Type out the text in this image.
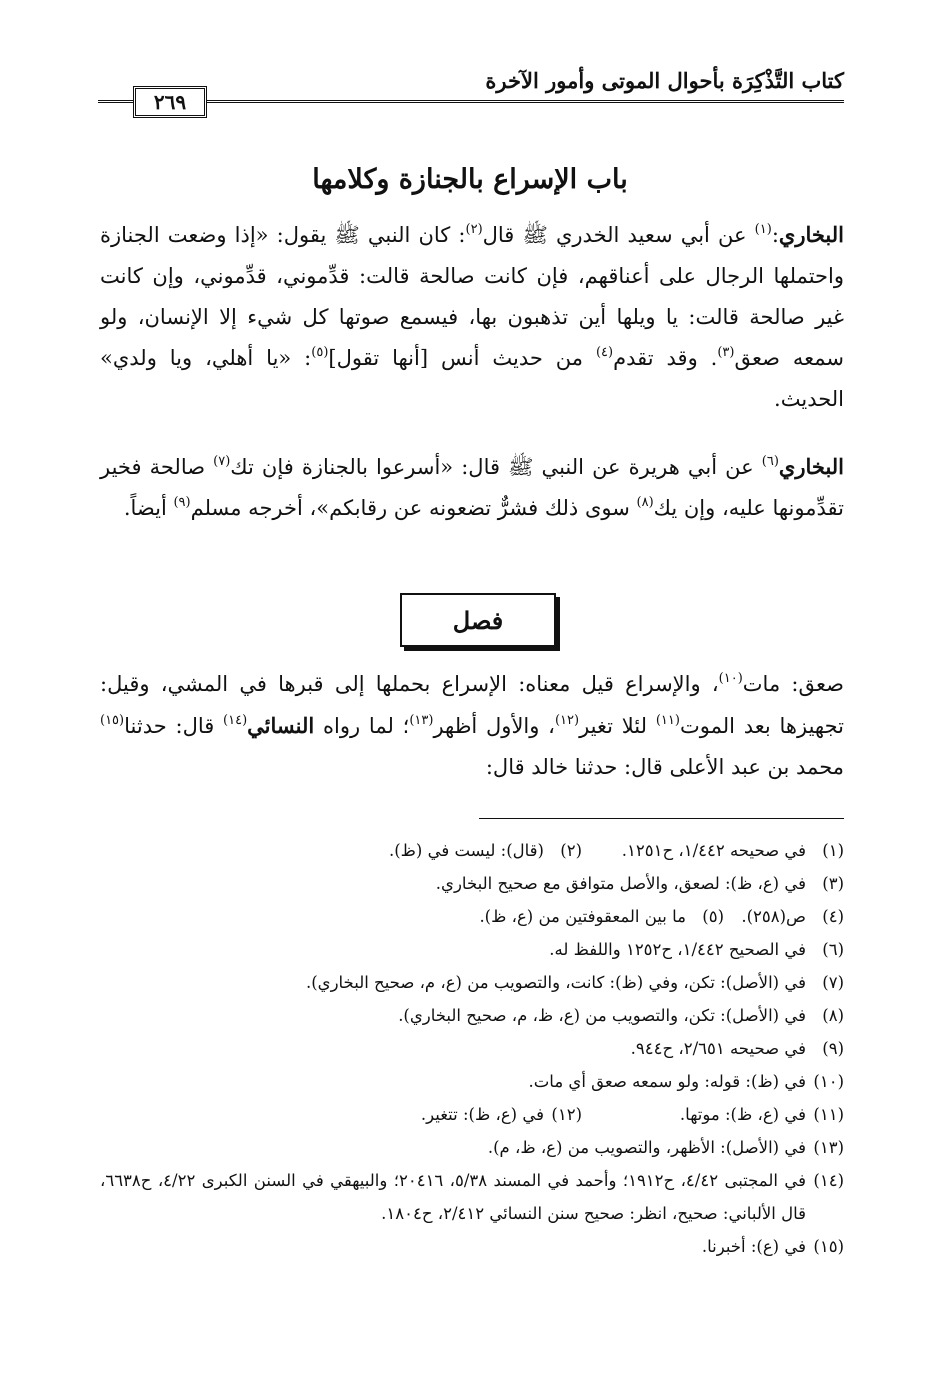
كتاب التَّذْكِرَة بأحوال الموتى وأمور الآخرة
٢٦٩
باب الإسراع بالجنازة وكلامها
البخاري:$^{(١)}$ عن أبي سعيد الخدري ﷺ قال$^{(٢)}$: كان النبي ﷺ يقول: «إذا وضعت الجنازة واحتملها الرجال على أعناقهم، فإن كانت صالحة قالت: قدِّموني، قدِّموني، وإن كانت غير صالحة قالت: يا ويلها أين تذهبون بها، فيسمع صوتها كل شيء إلا الإنسان، ولو سمعه صعق$^{(٣)}$. وقد تقدم$^{(٤)}$ من حديث أنس [أنها تقول]$^{(٥)}$: «يا أهلي، ويا ولدي» الحديث.
البخاري$^{(٦)}$ عن أبي هريرة عن النبي ﷺ قال: «أسرعوا بالجنازة فإن تك$^{(٧)}$ صالحة فخير تقدِّمونها عليه، وإن يك$^{(٨)}$ سوى ذلك فشرٌّ تضعونه عن رقابكم»، أخرجه مسلم$^{(٩)}$ أيضاً.
فصل
صعق: مات$^{(١٠)}$، والإسراع قيل معناه: الإسراع بحملها إلى قبرها في المشي، وقيل: تجهيزها بعد الموت$^{(١١)}$ لئلا تغير$^{(١٢)}$، والأول أظهر$^{(١٣)}$؛ لما رواه النسائي$^{(١٤)}$ قال: حدثنا$^{(١٥)}$ محمد بن عبد الأعلى قال: حدثنا خالد قال:
(١)في صحيحه ١/٤٤٢، ح١٢٥١.
(٢)(قال): ليست في (ظ).
(٣)
في (ع، ظ): لصعق، والأصل متوافق مع صحيح البخاري.
(٤)ص(٢٥٨).
(٥)ما بين المعقوفتين من (ع، ظ).
(٦)
في الصحيح ١/٤٤٢، ح١٢٥٢ واللفظ له.
(٧)
في (الأصل): تكن، وفي (ظ): كانت، والتصويب من (ع، م، صحيح البخاري).
(٨)
في (الأصل): تكن، والتصويب من (ع، ظ، م، صحيح البخاري).
(٩)
في صحيحه ٢/٦٥١، ح٩٤٤.
(١٠)
في (ظ): قوله: ولو سمعه صعق أي مات.
(١١)في (ع، ظ): موتها.
(١٢)في (ع، ظ): تتغير.
(١٣)
في (الأصل): الأظهر، والتصويب من (ع، ظ، م).
(١٤)
في المجتبى ٤/٤٢، ح١٩١٢؛ وأحمد في المسند ٥/٣٨، ٢٠٤١٦؛ والبيهقي في السنن الكبرى ٤/٢٢، ح٦٦٣٨، قال الألباني: صحيح، انظر: صحيح سنن النسائي ٢/٤١٢، ح١٨٠٤.
(١٥)
في (ع): أخبرنا.
